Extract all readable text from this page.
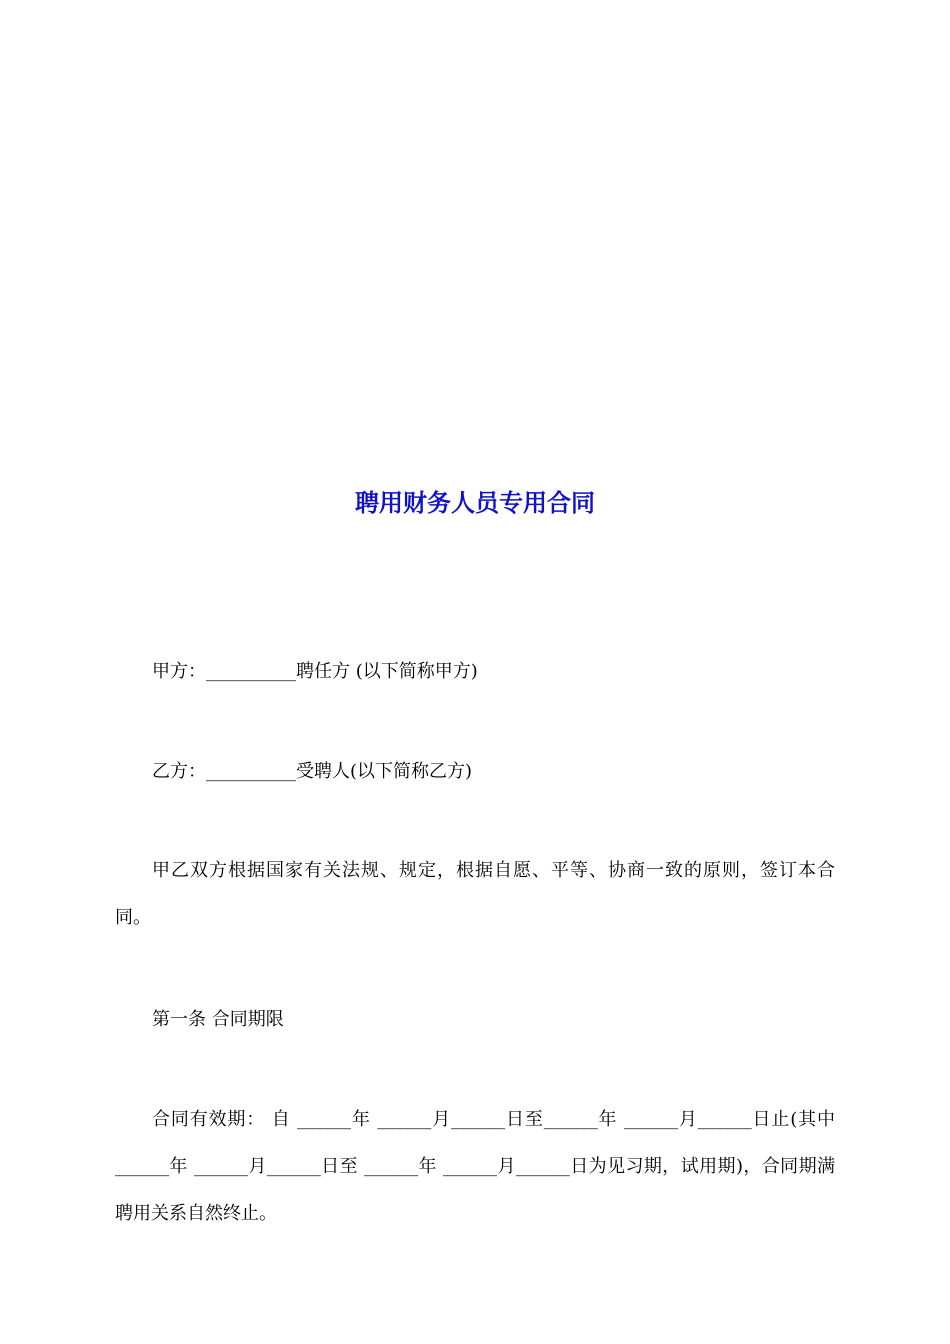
聘用财务人员专用合同

甲方：__________聘任方 (以下简称甲方)

乙方：__________受聘人(以下简称乙方)

甲乙双方根据国家有关法规、规定，根据自愿、平等、协商一致的原则，签订本合同。

第一条 合同期限

合同有效期： 自 ______年 ______月______日至______年 ______月______日止(其中 ______年 ______月______日至 ______年 ______月______日为见习期，试用期)，合同期满聘用关系自然终止。
